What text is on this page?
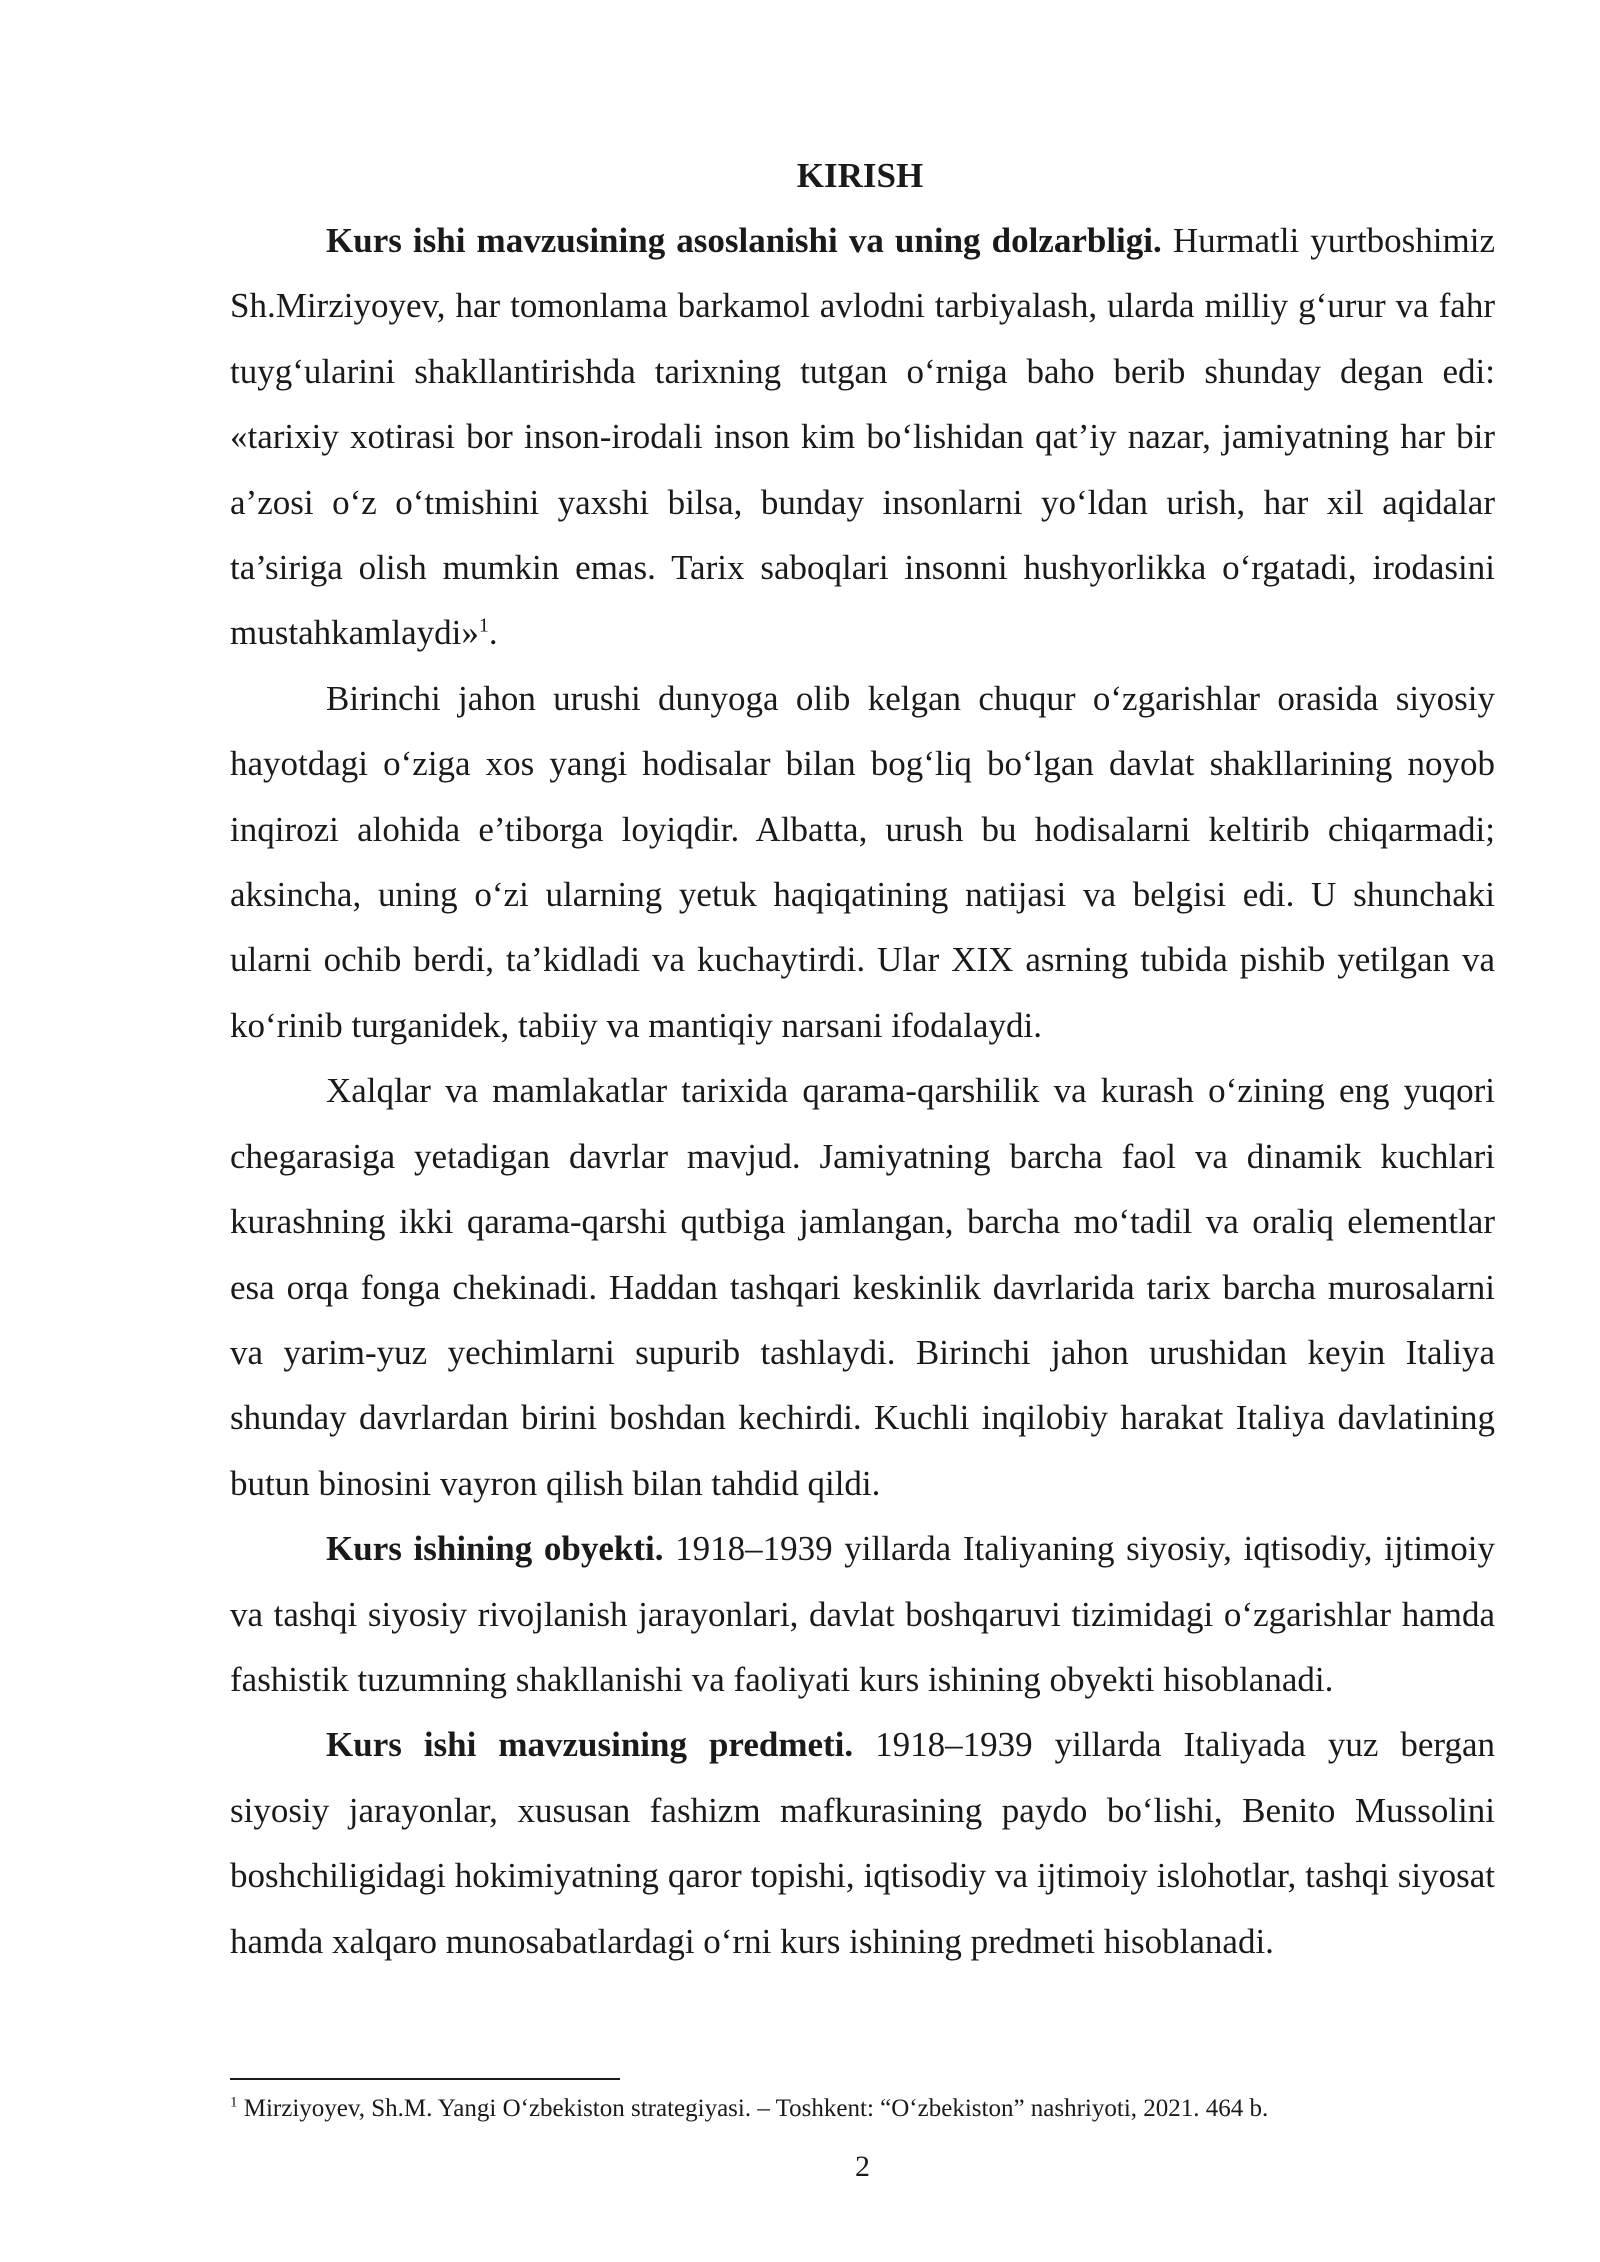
KIRISH

Kurs ishi mavzusining asoslanishi va uning dolzarbligi. Hurmatli yurtboshimiz Sh.Mirziyoyev, har tomonlama barkamol avlodni tarbiyalash, ularda milliy g‘urur va fahr tuyg‘ularini shakllantirishda tarixning tutgan o‘rniga baho berib shunday degan edi: «tarixiy xotirasi bor inson-irodali inson kim bo‘lishidan qat’iy nazar, jamiyatning har bir a’zosi o‘z o‘tmishini yaxshi bilsa, bunday insonlarni yo‘ldan urish, har xil aqidalar ta’siriga olish mumkin emas. Tarix saboqlari insonni hushyorlikka o‘rgatadi, irodasini mustahkamlaydi»$^1$.

Birinchi jahon urushi dunyoga olib kelgan chuqur o‘zgarishlar orasida siyosiy hayotdagi o‘ziga xos yangi hodisalar bilan bog‘liq bo‘lgan davlat shakllarining noyob inqirozi alohida e’tiborga loyiqdir. Albatta, urush bu hodisalarni keltirib chiqarmadi; aksincha, uning o‘zi ularning yetuk haqiqatining natijasi va belgisi edi. U shunchaki ularni ochib berdi, ta’kidladi va kuchaytirdi. Ular XIX asrning tubida pishib yetilgan va ko‘rinib turganidek, tabiiy va mantiqiy narsani ifodalaydi.

Xalqlar va mamlakatlar tarixida qarama-qarshilik va kurash o‘zining eng yuqori chegarasiga yetadigan davrlar mavjud. Jamiyatning barcha faol va dinamik kuchlari kurashning ikki qarama-qarshi qutbiga jamlangan, barcha mo‘tadil va oraliq elementlar esa orqa fonga chekinadi. Haddan tashqari keskinlik davrlarida tarix barcha murosalarni va yarim-yuz yechimlarni supurib tashlaydi. Birinchi jahon urushidan keyin Italiya shunday davrlardan birini boshdan kechirdi. Kuchli inqilobiy harakat Italiya davlatining butun binosini vayron qilish bilan tahdid qildi.

Kurs ishining obyekti. 1918–1939 yillarda Italiyaning siyosiy, iqtisodiy, ijtimoiy va tashqi siyosiy rivojlanish jarayonlari, davlat boshqaruvi tizimidagi o‘zgarishlar hamda fashistik tuzumning shakllanishi va faoliyati kurs ishining obyekti hisoblanadi.

Kurs ishi mavzusining predmeti. 1918–1939 yillarda Italiyada yuz bergan siyosiy jarayonlar, xususan fashizm mafkurasining paydo bo‘lishi, Benito Mussolini boshchiligidagi hokimiyatning qaror topishi, iqtisodiy va ijtimoiy islohotlar, tashqi siyosat hamda xalqaro munosabatlardagi o‘rni kurs ishining predmeti hisoblanadi.

$^1$ Mirziyoyev, Sh.M. Yangi O‘zbekiston strategiyasi. – Toshkent: “O‘zbekiston” nashriyoti, 2021. 464 b.

2
